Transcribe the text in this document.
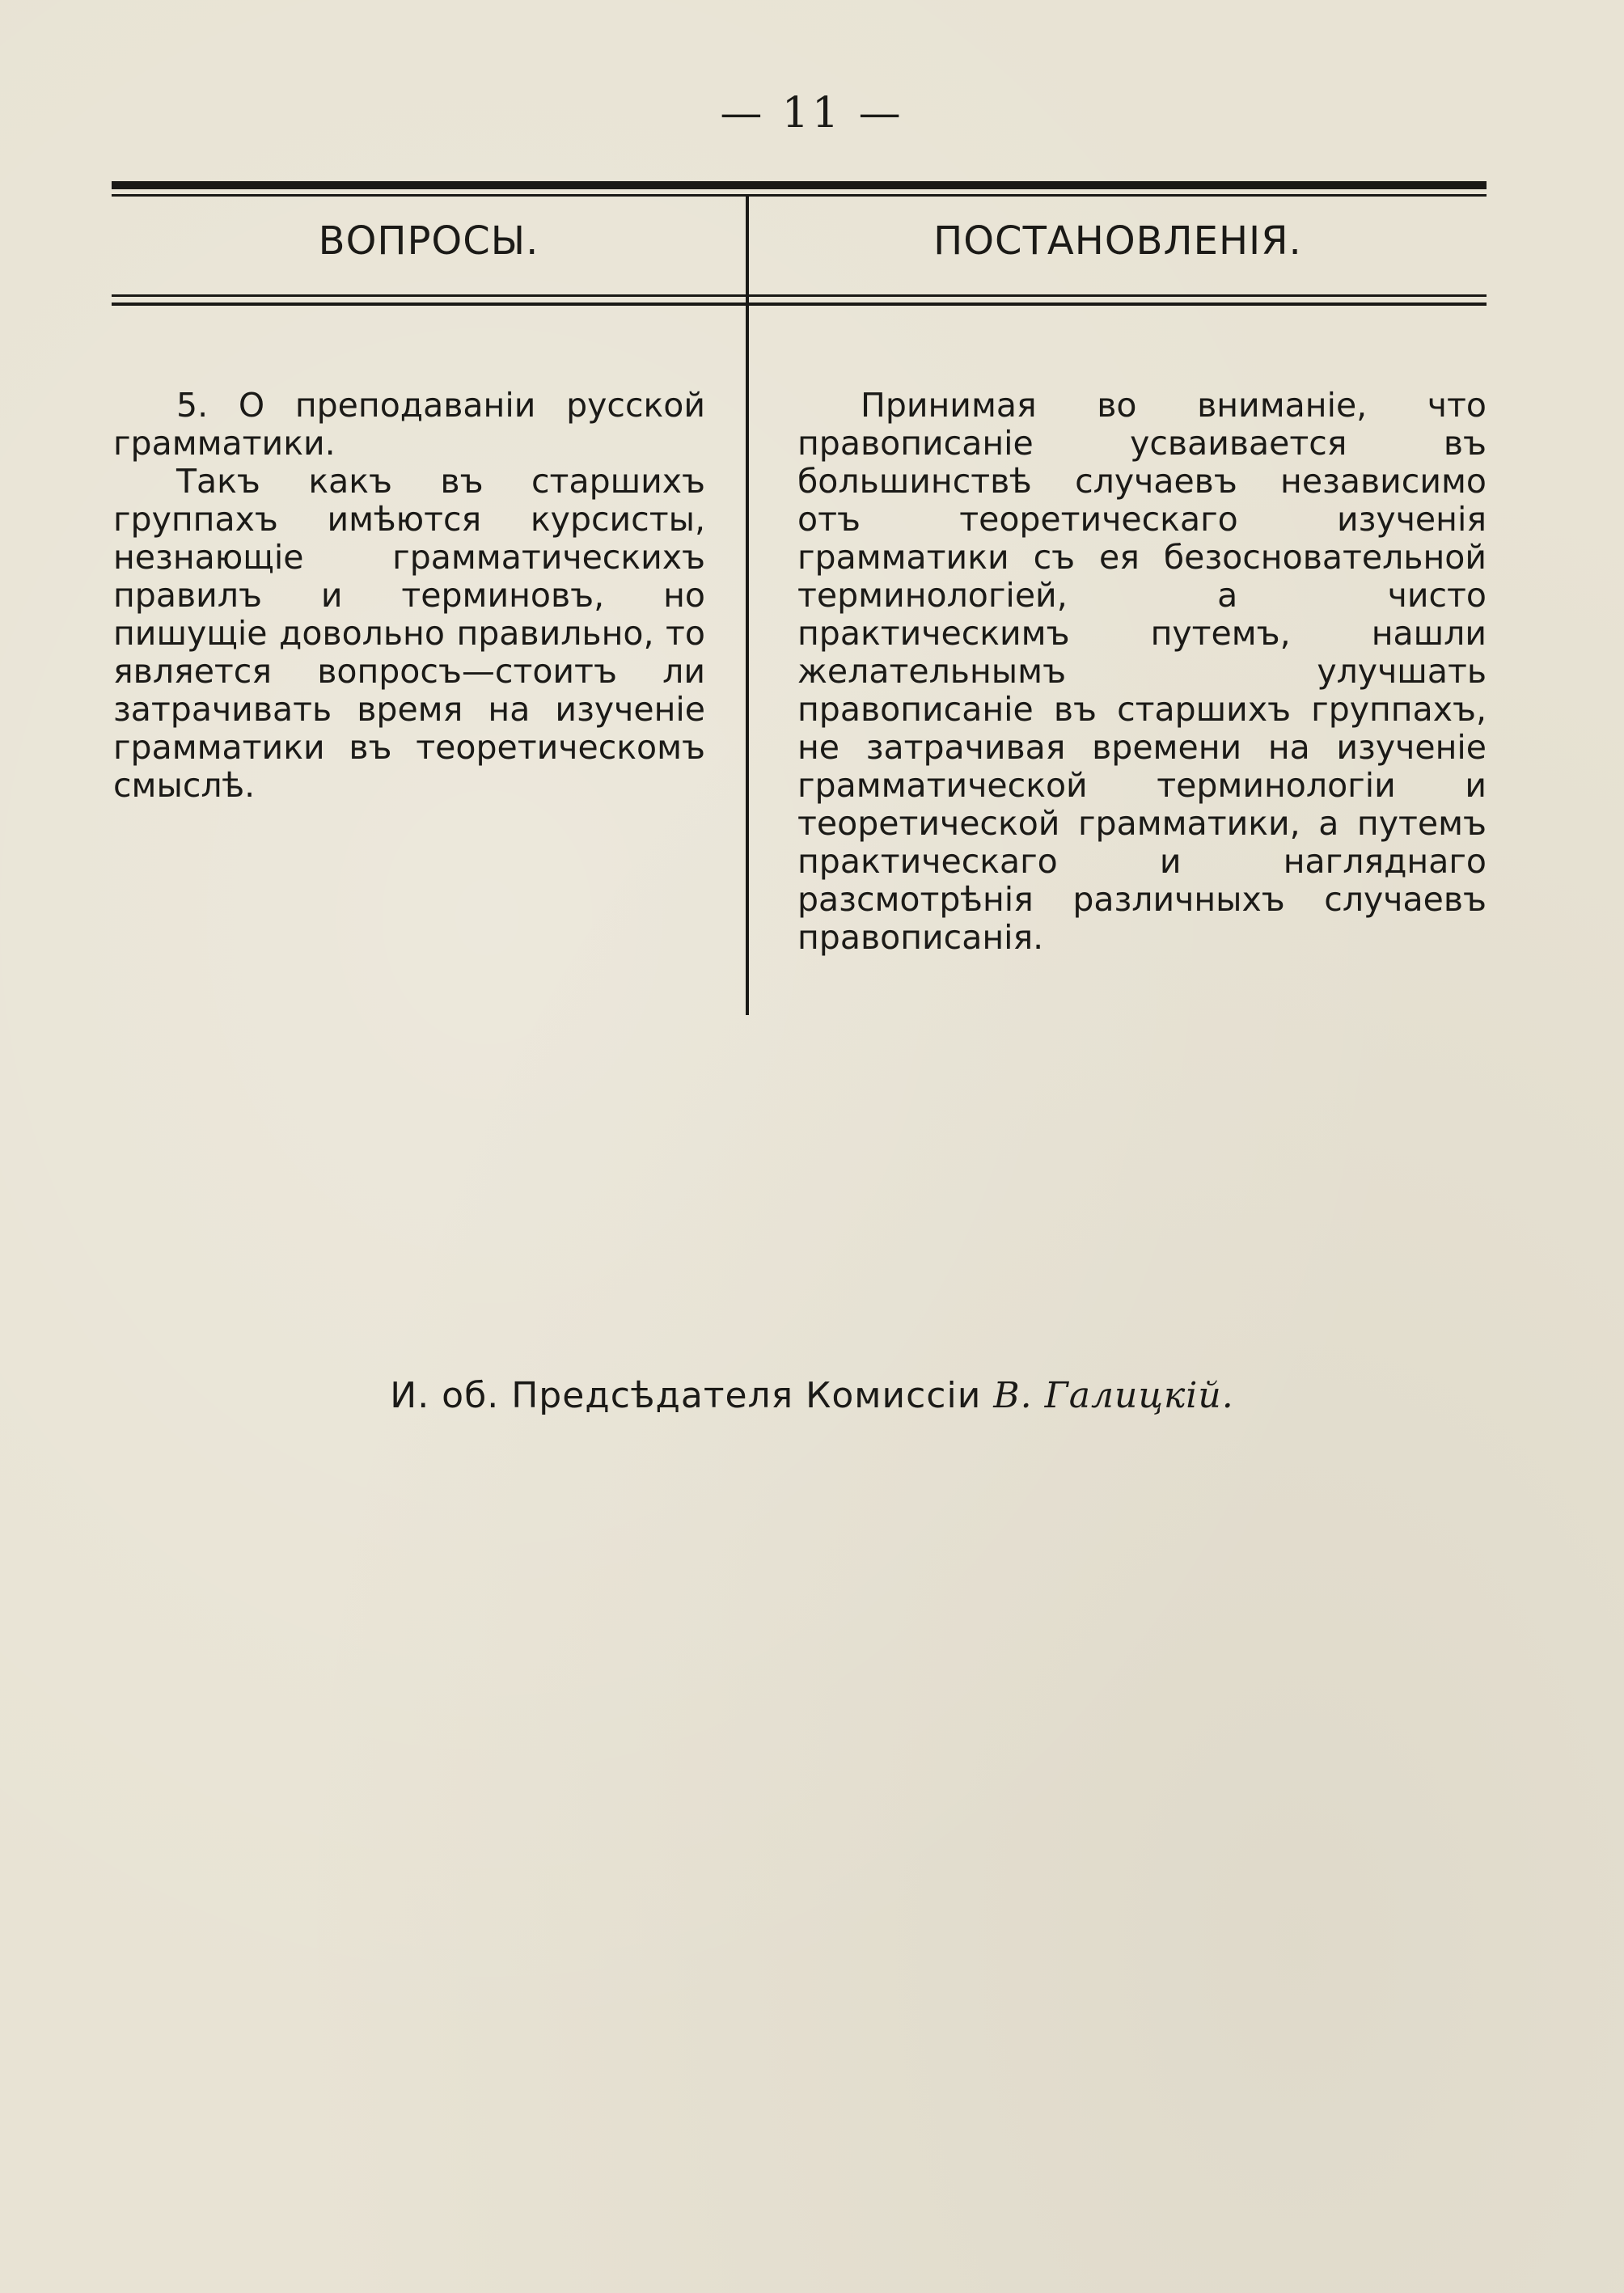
— 11 —
ВОПРОСЫ.	ПОСТАНОВЛЕНІЯ.

5. О преподаваніи русской грамматики.

Такъ какъ въ старшихъ группахъ имѣются курсисты, незнающіе грамматическихъ правилъ и терминовъ, но пишущіе довольно правильно, то является вопросъ—стоитъ ли затрачивать время на изученіе грамматики въ теоретическомъ смыслѣ.

Принимая во вниманіе, что правописаніе усваивается въ большинствѣ случаевъ независимо отъ теоретическаго изученія грамматики съ ея безосновательной терминологіей, а чисто практическимъ путемъ, нашли желательнымъ улучшать правописаніе въ старшихъ группахъ, не затрачивая времени на изученіе грамматической терминологіи и теоретической грамматики, а путемъ практическаго и нагляднаго разсмотрѣнія различныхъ случаевъ правописанія.
И. об. Предсѣдателя Комиссіи В. Галицкій.
